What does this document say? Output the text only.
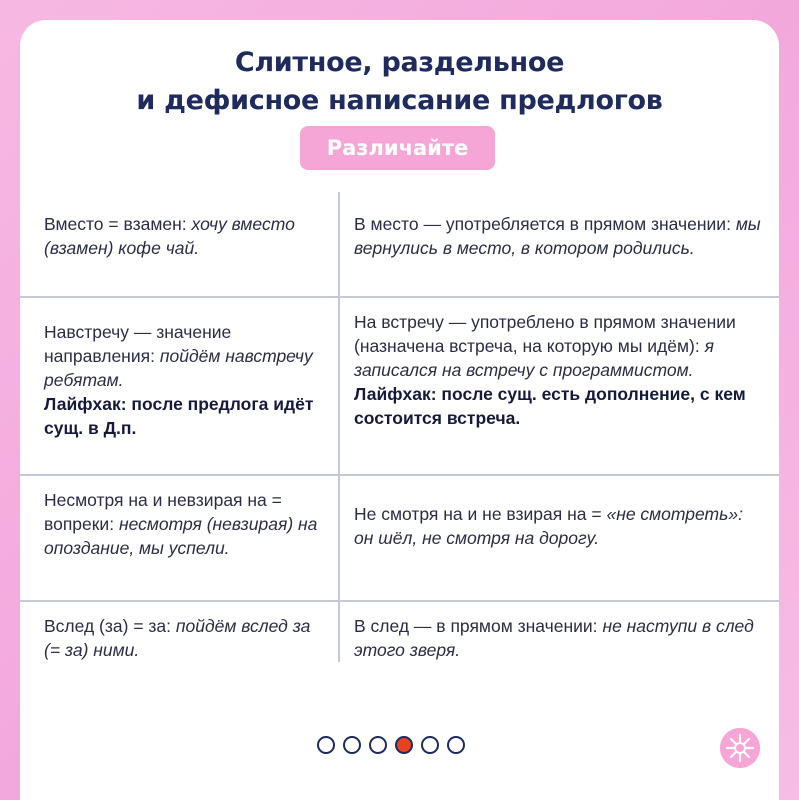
Слитное, раздельное
и дефисное написание предлогов
Различайте
Вместо = взамен: хочу вместо (взамен) кофе чай.
В место — употребляется в прямом значении: мы вернулись в место, в котором родились.
Навстречу — значение направления: пойдём навстречу ребятам.
Лайфхак: после предлога идёт сущ. в Д.п.
На встречу — употреблено в прямом значении (назначена встреча, на которую мы идём): я записался на встречу с программистом.
Лайфхак: после сущ. есть дополнение, с кем состоится встреча.
Несмотря на и невзирая на = вопреки: несмотря (невзирая) на опоздание, мы успели.
Не смотря на и не взирая на = «не смотреть»: он шёл, не смотря на дорогу.
Вслед (за) = за: пойдём вслед за (= за) ними.
В след — в прямом значении: не наступи в след этого зверя.
